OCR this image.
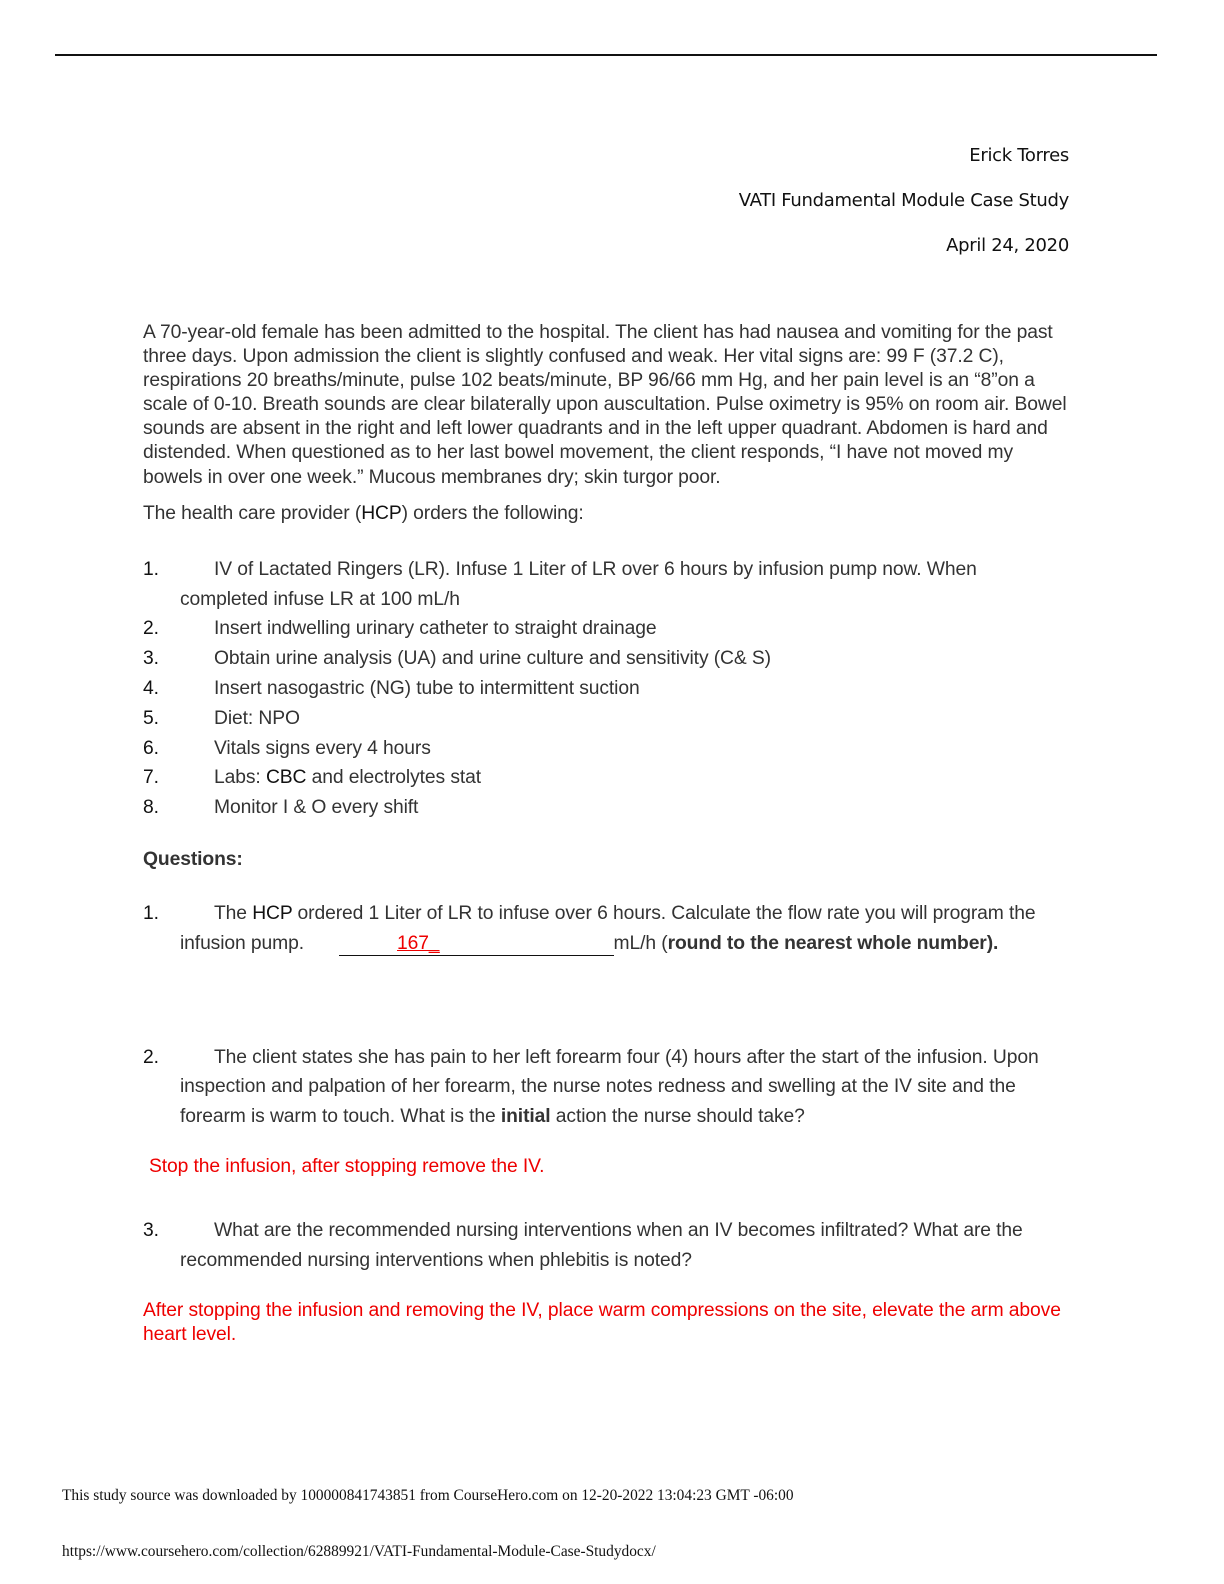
Erick Torres
VATI Fundamental Module Case Study
April 24, 2020

A 70-year-old female has been admitted to the hospital. The client has had nausea and vomiting for the past three days. Upon admission the client is slightly confused and weak. Her vital signs are: 99 F (37.2 C), respirations 20 breaths/minute, pulse 102 beats/minute, BP 96/66 mm Hg, and her pain level is an “8”on a scale of 0-10. Breath sounds are clear bilaterally upon auscultation. Pulse oximetry is 95% on room air. Bowel sounds are absent in the right and left lower quadrants and in the left upper quadrant. Abdomen is hard and distended. When questioned as to her last bowel movement, the client responds, “I have not moved my bowels in over one week.” Mucous membranes dry; skin turgor poor.

The health care provider (HCP) orders the following:

1.	IV of Lactated Ringers (LR). Infuse 1 Liter of LR over 6 hours by infusion pump now. When completed infuse LR at 100 mL/h
2.	Insert indwelling urinary catheter to straight drainage
3.	Obtain urine analysis (UA) and urine culture and sensitivity (C& S)
4.	Insert nasogastric (NG) tube to intermittent suction
5.	Diet: NPO
6.	Vitals signs every 4 hours
7.	Labs: CBC and electrolytes stat
8.	Monitor I & O every shift

Questions:

1.	The HCP ordered 1 Liter of LR to infuse over 6 hours. Calculate the flow rate you will program the infusion pump.	167_	mL/h (round to the nearest whole number).
2.	The client states she has pain to her left forearm four (4) hours after the start of the infusion. Upon inspection and palpation of her forearm, the nurse notes redness and swelling at the IV site and the forearm is warm to touch. What is the initial action the nurse should take?

Stop the infusion, after stopping remove the IV.

3.	What are the recommended nursing interventions when an IV becomes infiltrated? What are the recommended nursing interventions when phlebitis is noted?

After stopping the infusion and removing the IV, place warm compressions on the site, elevate the arm above heart level.

This study source was downloaded by 100000841743851 from CourseHero.com on 12-20-2022 13:04:23 GMT -06:00
https://www.coursehero.com/collection/62889921/VATI-Fundamental-Module-Case-Studydocx/
